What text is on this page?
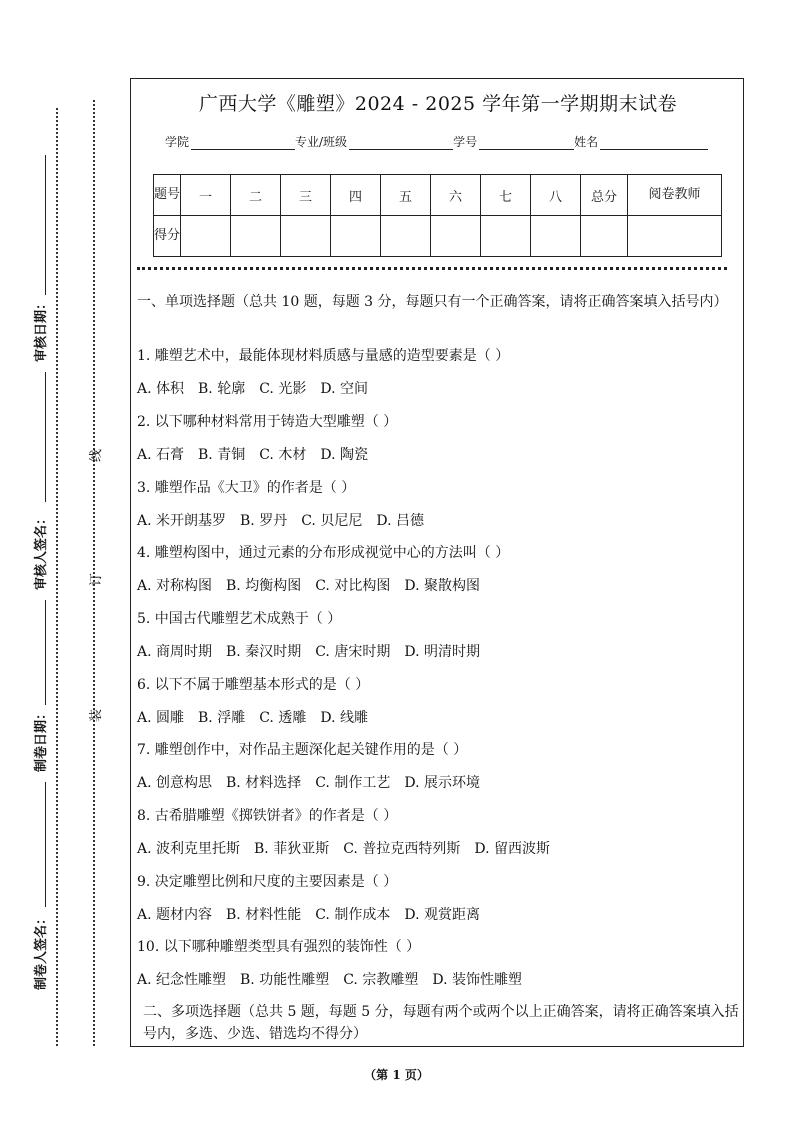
审核日期：
审核人签名：
制卷日期：
制卷人签名：
线
订
装
广西大学《雕塑》2024 - 2025 学年第一学期期末试卷
学院	专业/班级	学号	姓名
题号	一	二	三	四	五	六	七	八	总分	阅卷教师
得分										
一、单项选择题（总共 10 题，每题 3 分，每题只有一个正确答案，请将正确答案填入括号内）
1. 雕塑艺术中，最能体现材料质感与量感的造型要素是（ ）
A. 体积 B. 轮廓 C. 光影 D. 空间
2. 以下哪种材料常用于铸造大型雕塑（ ）
A. 石膏 B. 青铜 C. 木材 D. 陶瓷
3. 雕塑作品《大卫》的作者是（ ）
A. 米开朗基罗 B. 罗丹 C. 贝尼尼 D. 吕德
4. 雕塑构图中，通过元素的分布形成视觉中心的方法叫（ ）
A. 对称构图 B. 均衡构图 C. 对比构图 D. 聚散构图
5. 中国古代雕塑艺术成熟于（ ）
A. 商周时期 B. 秦汉时期 C. 唐宋时期 D. 明清时期
6. 以下不属于雕塑基本形式的是（ ）
A. 圆雕 B. 浮雕 C. 透雕 D. 线雕
7. 雕塑创作中，对作品主题深化起关键作用的是（ ）
A. 创意构思 B. 材料选择 C. 制作工艺 D. 展示环境
8. 古希腊雕塑《掷铁饼者》的作者是（ ）
A. 波利克里托斯 B. 菲狄亚斯 C. 普拉克西特列斯 D. 留西波斯
9. 决定雕塑比例和尺度的主要因素是（ ）
A. 题材内容 B. 材料性能 C. 制作成本 D. 观赏距离
10. 以下哪种雕塑类型具有强烈的装饰性（ ）
A. 纪念性雕塑 B. 功能性雕塑 C. 宗教雕塑 D. 装饰性雕塑
二、多项选择题（总共 5 题，每题 5 分，每题有两个或两个以上正确答案，请将正确答案填入括号内，多选、少选、错选均不得分）
（第 1 页）
